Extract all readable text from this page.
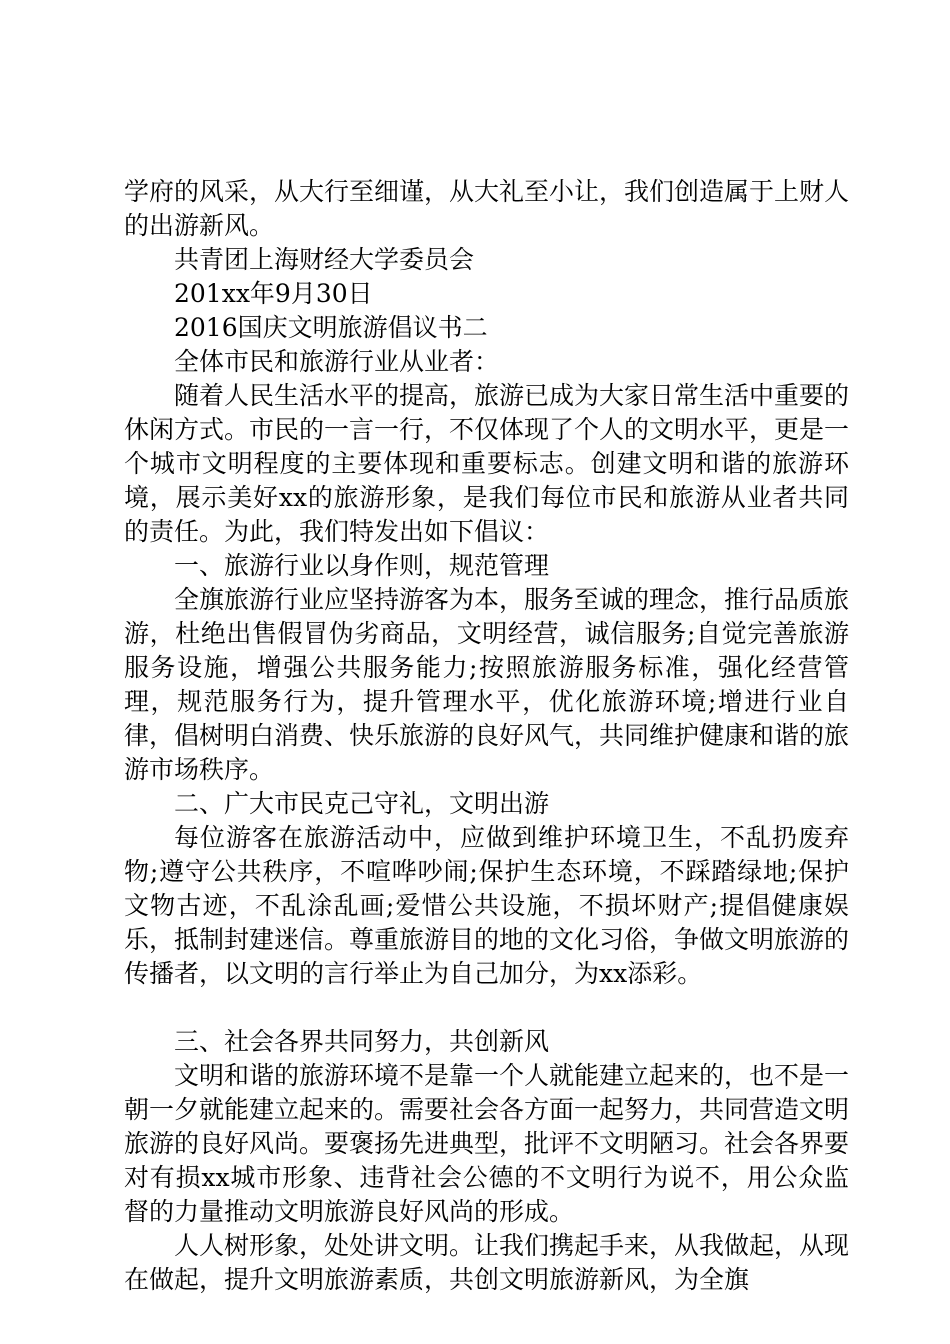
学府的风采，从大行至细谨，从大礼至小让，我们创造属于上财人的出游新风。

共青团上海财经大学委员会

201xx年9月30日

2016国庆文明旅游倡议书二

全体市民和旅游行业从业者：

随着人民生活水平的提高，旅游已成为大家日常生活中重要的休闲方式。市民的一言一行，不仅体现了个人的文明水平，更是一个城市文明程度的主要体现和重要标志。创建文明和谐的旅游环境，展示美好xx的旅游形象，是我们每位市民和旅游从业者共同的责任。为此，我们特发出如下倡议：

一、旅游行业以身作则，规范管理

全旗旅游行业应坚持游客为本，服务至诚的理念，推行品质旅游，杜绝出售假冒伪劣商品，文明经营，诚信服务;自觉完善旅游服务设施，增强公共服务能力;按照旅游服务标准，强化经营管理，规范服务行为，提升管理水平，优化旅游环境;增进行业自律，倡树明白消费、快乐旅游的良好风气，共同维护健康和谐的旅游市场秩序。

二、广大市民克己守礼，文明出游

每位游客在旅游活动中，应做到维护环境卫生，不乱扔废弃物;遵守公共秩序，不喧哗吵闹;保护生态环境，不踩踏绿地;保护文物古迹，不乱涂乱画;爱惜公共设施，不损坏财产;提倡健康娱乐，抵制封建迷信。尊重旅游目的地的文化习俗，争做文明旅游的传播者，以文明的言行举止为自己加分，为xx添彩。

三、社会各界共同努力，共创新风

文明和谐的旅游环境不是靠一个人就能建立起来的，也不是一朝一夕就能建立起来的。需要社会各方面一起努力，共同营造文明旅游的良好风尚。要褒扬先进典型，批评不文明陋习。社会各界要对有损xx城市形象、违背社会公德的不文明行为说不，用公众监督的力量推动文明旅游良好风尚的形成。

人人树形象，处处讲文明。让我们携起手来，从我做起，从现在做起，提升文明旅游素质，共创文明旅游新风，为全旗
